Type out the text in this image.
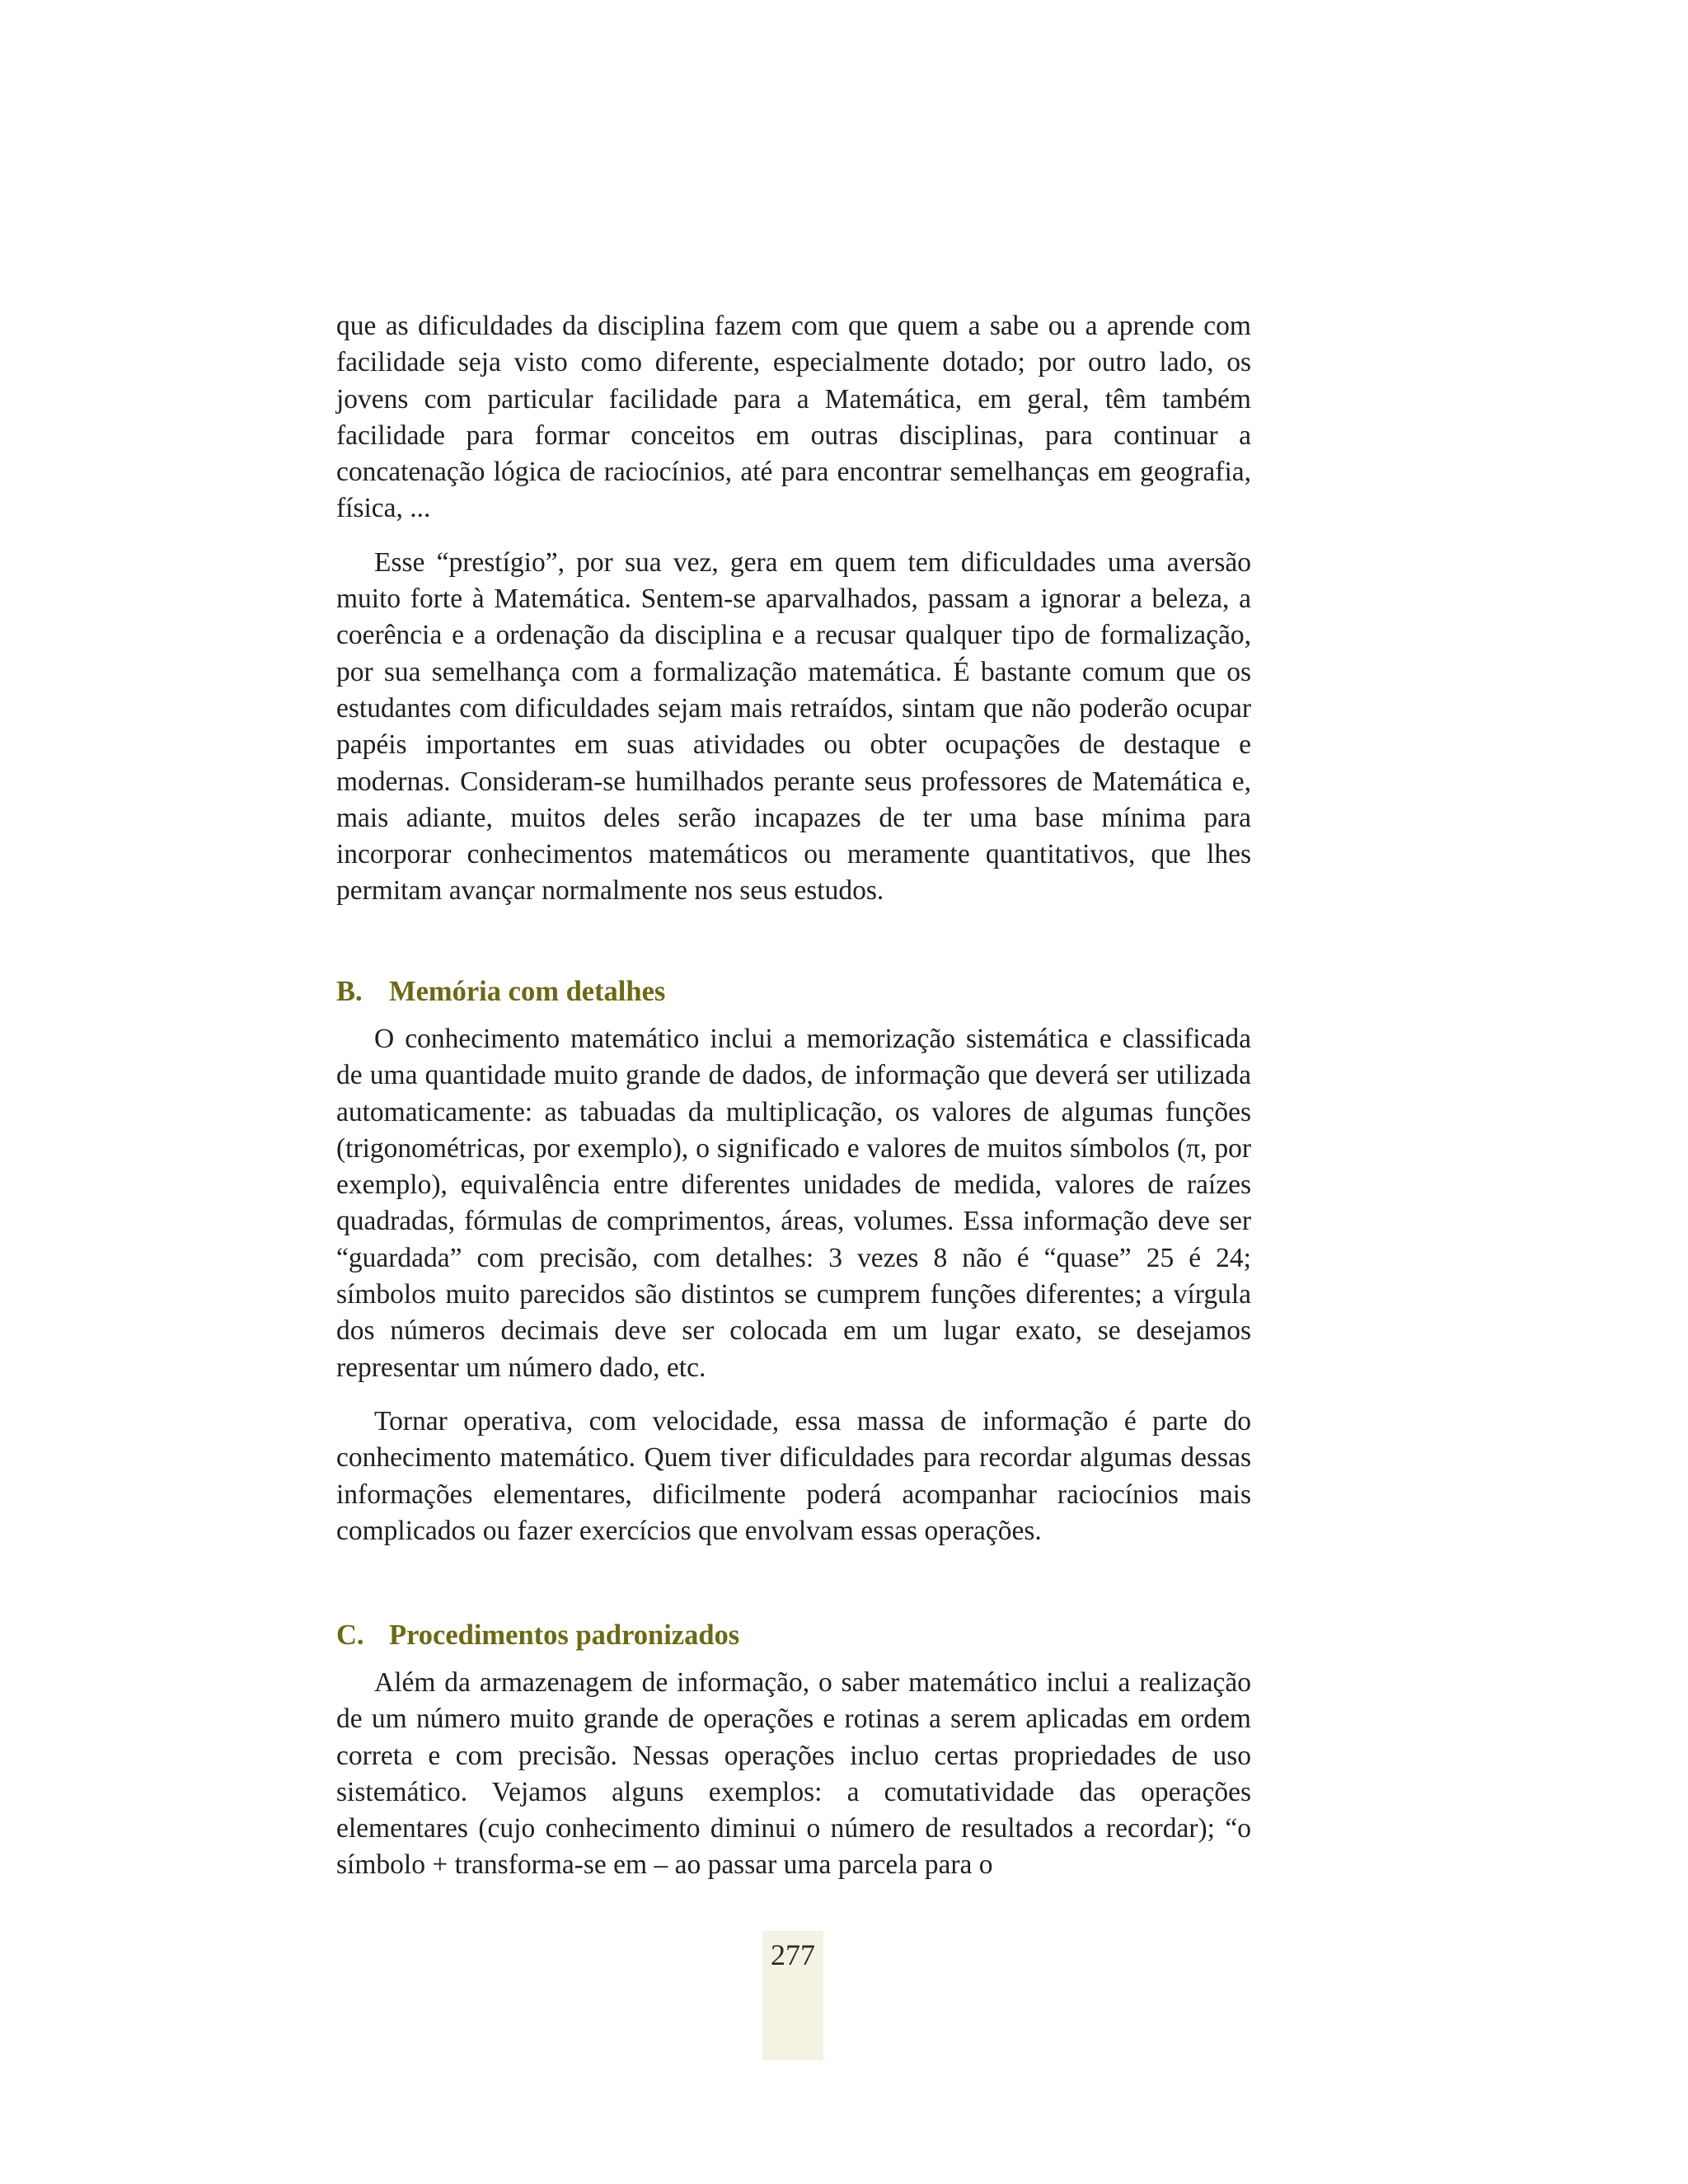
que as dificuldades da disciplina fazem com que quem a sabe ou a aprende com facilidade seja visto como diferente, especialmente dotado; por outro lado, os jovens com particular facilidade para a Matemática, em geral, têm também facilidade para formar conceitos em outras disciplinas, para continuar a concatenação lógica de raciocínios, até para encontrar semelhanças em geografia, física, ...

Esse “prestígio”, por sua vez, gera em quem tem dificuldades uma aversão muito forte à Matemática. Sentem-se aparvalhados, passam a ignorar a beleza, a coerência e a ordenação da disciplina e a recusar qualquer tipo de formalização, por sua semelhança com a formalização matemática. É bastante comum que os estudantes com dificuldades sejam mais retraídos, sintam que não poderão ocupar papéis importantes em suas atividades ou obter ocupações de destaque e modernas. Consideram-se humilhados perante seus professores de Matemática e, mais adiante, muitos deles serão incapazes de ter uma base mínima para incorporar conhecimentos matemáticos ou meramente quantitativos, que lhes permitam avançar normalmente nos seus estudos.

B. Memória com detalhes

O conhecimento matemático inclui a memorização sistemática e classificada de uma quantidade muito grande de dados, de informação que deverá ser utilizada automaticamente: as tabuadas da multiplicação, os valores de algumas funções (trigonométricas, por exemplo), o significado e valores de muitos símbolos (π, por exemplo), equivalência entre diferentes unidades de medida, valores de raízes quadradas, fórmulas de comprimentos, áreas, volumes. Essa informação deve ser “guardada” com precisão, com detalhes: 3 vezes 8 não é “quase” 25 é 24; símbolos muito parecidos são distintos se cumprem funções diferentes; a vírgula dos números decimais deve ser colocada em um lugar exato, se desejamos representar um número dado, etc.

Tornar operativa, com velocidade, essa massa de informação é parte do conhecimento matemático. Quem tiver dificuldades para recordar algumas dessas informações elementares, dificilmente poderá acompanhar raciocínios mais complicados ou fazer exercícios que envolvam essas operações.

C. Procedimentos padronizados

Além da armazenagem de informação, o saber matemático inclui a realização de um número muito grande de operações e rotinas a serem aplicadas em ordem correta e com precisão. Nessas operações incluo certas propriedades de uso sistemático. Vejamos alguns exemplos: a comutatividade das operações elementares (cujo conhecimento diminui o número de resultados a recordar); “o símbolo + transforma-se em – ao passar uma parcela para o

277
